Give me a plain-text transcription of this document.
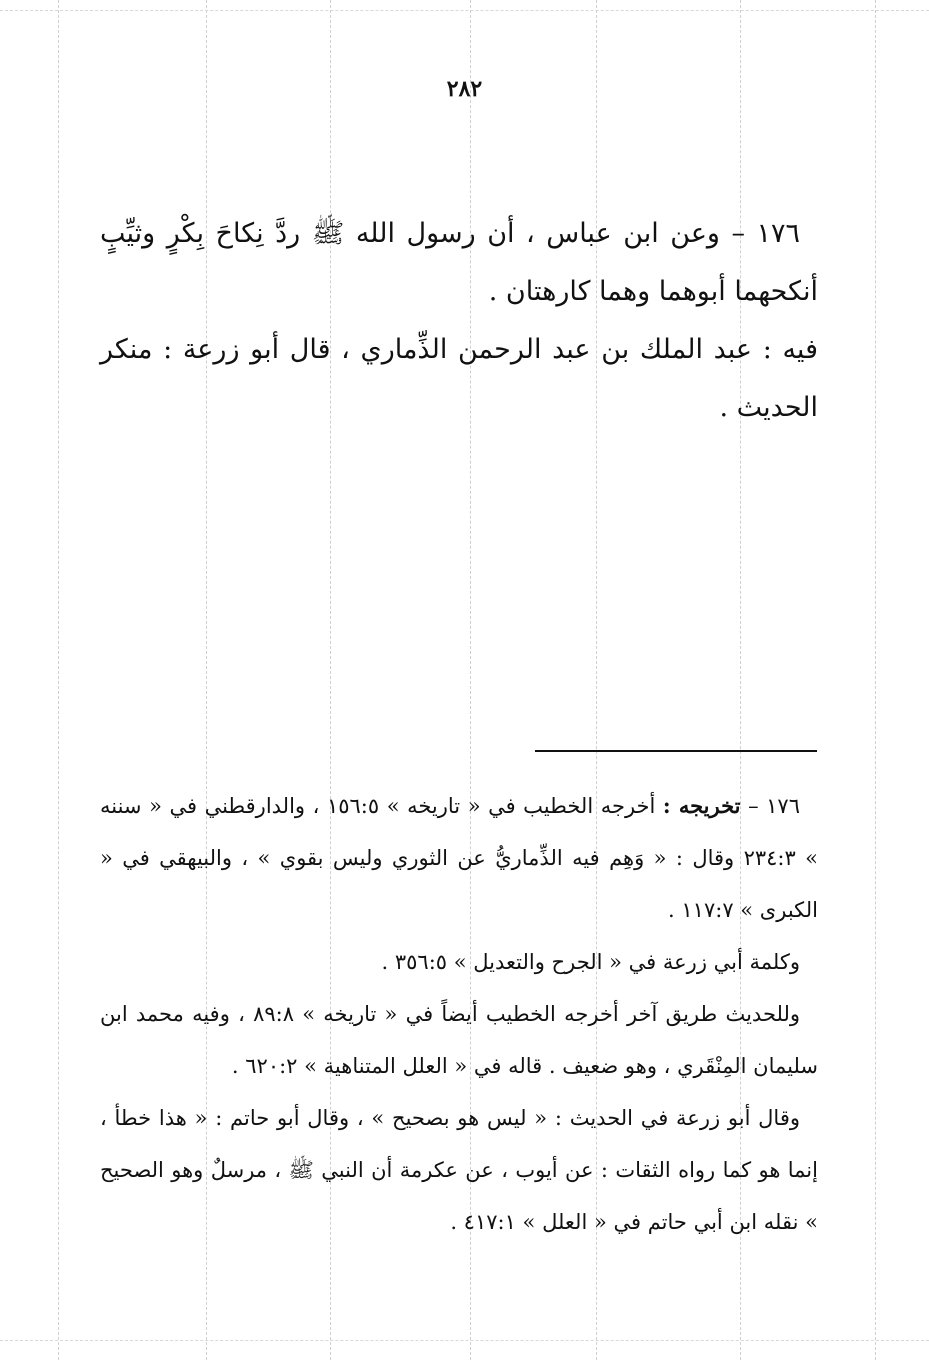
٢٨٢

١٧٦ – وعن ابن عباس ، أن رسول الله ﷺ ردَّ نِكاحَ بِكْرٍ وثيِّبٍ أنكحهما أبوهما وهما كارهتان .

فيه : عبد الملك بن عبد الرحمن الذِّماري ، قال أبو زرعة : منكر الحديث .

١٧٦ – تخريجه : أخرجه الخطيب في « تاريخه » ١٥٦:٥ ، والدارقطني في « سننه » ٢٣٤:٣ وقال : « وَهِم فيه الذِّماريُّ عن الثوري وليس بقوي » ، والبيهقي في « الكبرى » ١١٧:٧ .

وكلمة أبي زرعة في « الجرح والتعديل » ٣٥٦:٥ .

وللحديث طريق آخر أخرجه الخطيب أيضاً في « تاريخه » ٨٩:٨ ، وفيه محمد ابن سليمان المِنْقَري ، وهو ضعيف . قاله في « العلل المتناهية » ٦٢٠:٢ .

وقال أبو زرعة في الحديث : « ليس هو بصحيح » ، وقال أبو حاتم : « هذا خطأ ، إنما هو كما رواه الثقات : عن أيوب ، عن عكرمة أن النبي ﷺ ، مرسلٌ وهو الصحيح » نقله ابن أبي حاتم في « العلل » ٤١٧:١ .
